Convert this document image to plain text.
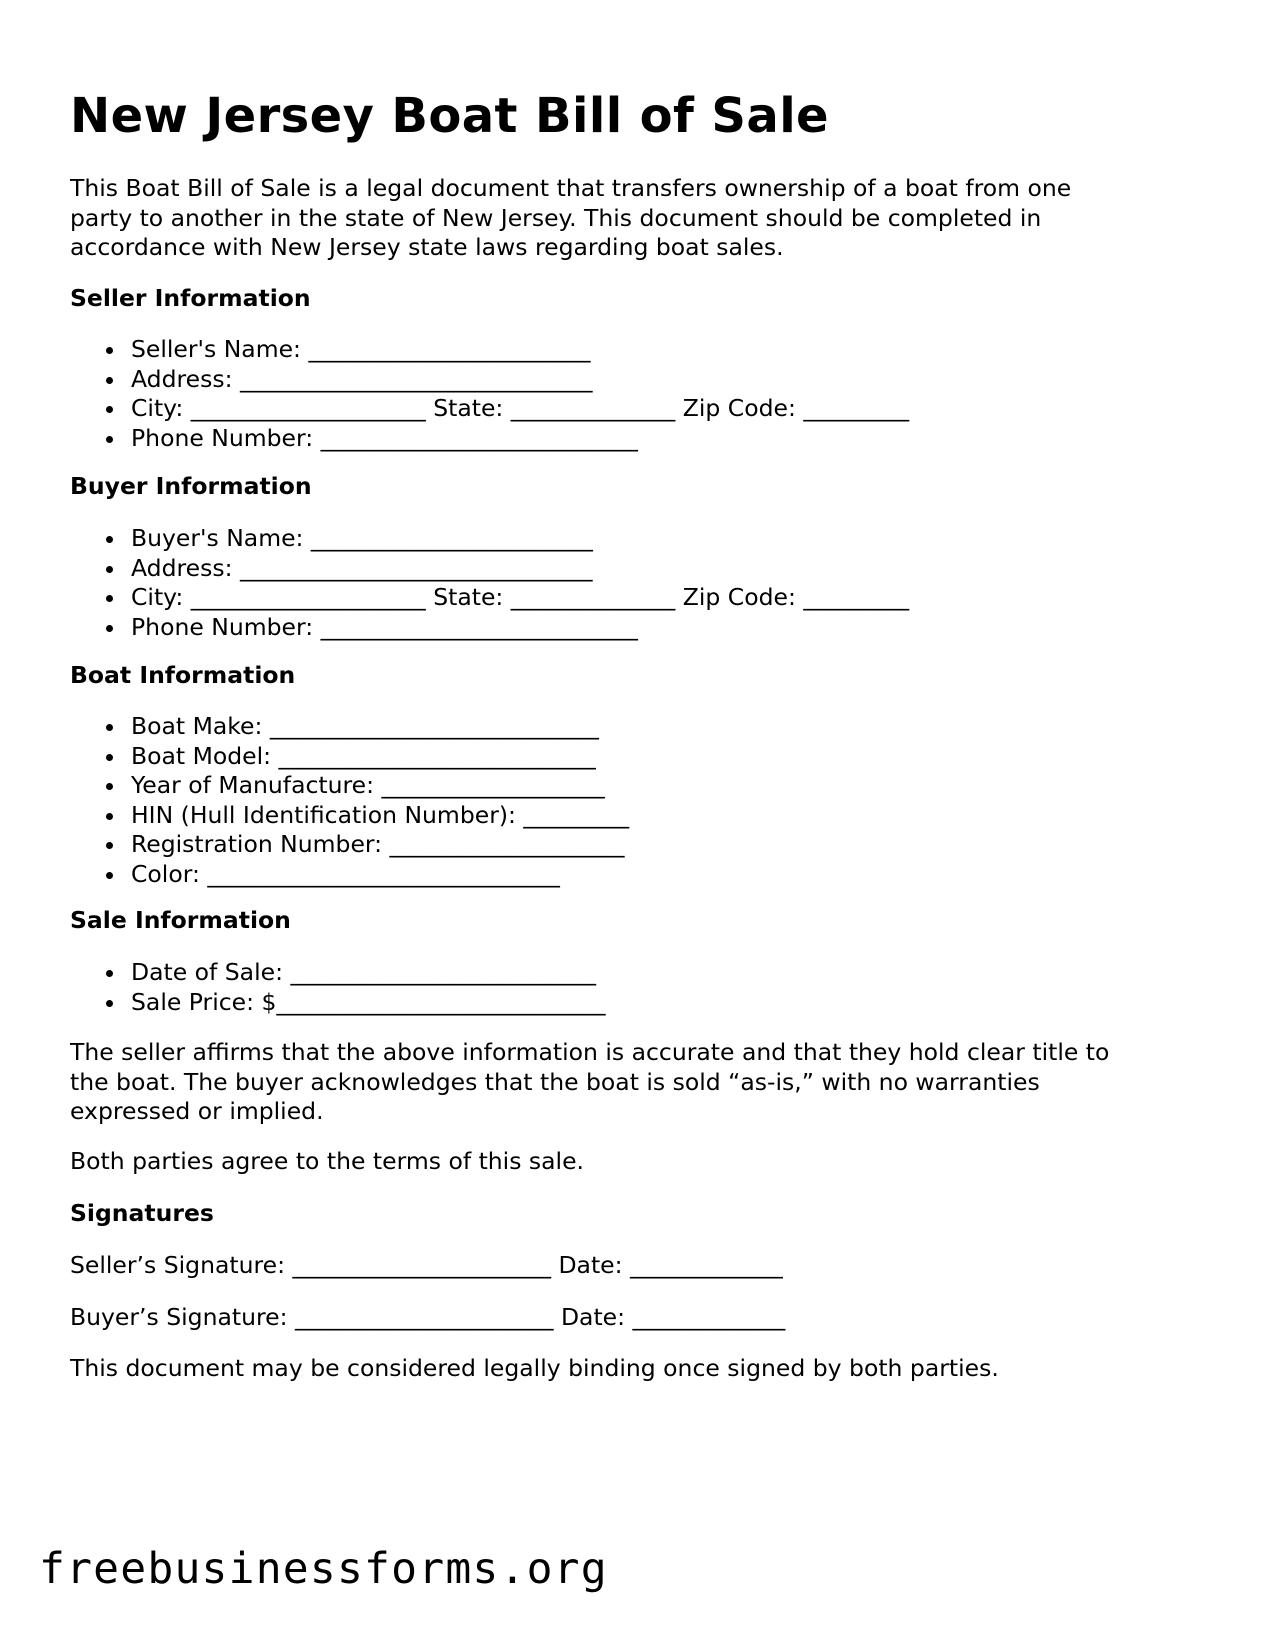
New Jersey Boat Bill of Sale

This Boat Bill of Sale is a legal document that transfers ownership of a boat from one
party to another in the state of New Jersey. This document should be completed in
accordance with New Jersey state laws regarding boat sales.

Seller Information
Seller's Name: ________________________
Address: ______________________________
City: ____________________ State: ______________ Zip Code: _________
Phone Number: ___________________________
Buyer Information
Buyer's Name: ________________________
Address: ______________________________
City: ____________________ State: ______________ Zip Code: _________
Phone Number: ___________________________
Boat Information
Boat Make: ____________________________
Boat Model: ___________________________
Year of Manufacture: ___________________
HIN (Hull Identification Number): _________
Registration Number: ____________________
Color: ______________________________
Sale Information
Date of Sale: __________________________
Sale Price: $____________________________

The seller affirms that the above information is accurate and that they hold clear title to
the boat. The buyer acknowledges that the boat is sold “as-is,” with no warranties
expressed or implied.

Both parties agree to the terms of this sale.

Signatures

Seller’s Signature: ______________________ Date: _____________

Buyer’s Signature: ______________________ Date: _____________

This document may be considered legally binding once signed by both parties.

freebusinessforms.org
